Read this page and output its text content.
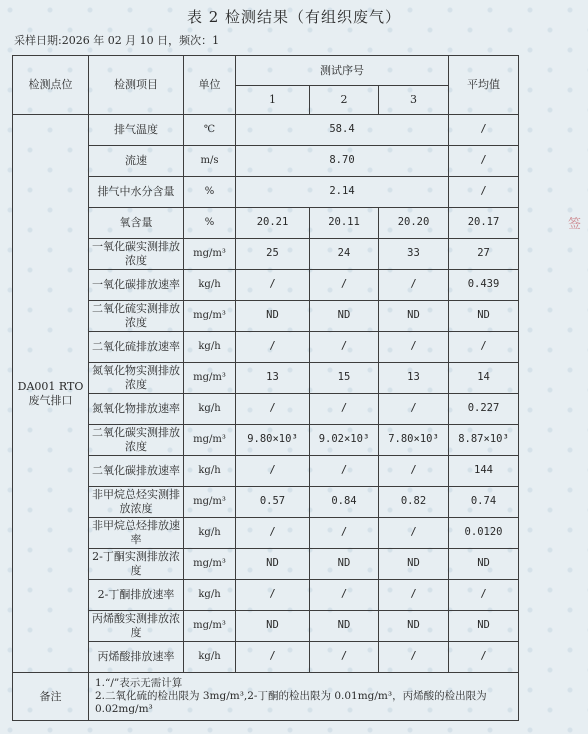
表 2 检测结果（有组织废气）
采样日期:2026 年 02 月 10 日，频次：1
检测点位	检测项目	单位	测试序号			平均值
			1	2	3	
DA001 RTO 废气排口	排气温度	℃	58.4			/
	流速	m/s	8.70			/
	排气中水分含量	%	2.14			/
	氧含量	%	20.21	20.11	20.20	20.17
	一氧化碳实测排放浓度	mg/m³	25	24	33	27
	一氧化碳排放速率	kg/h	/	/	/	0.439
	二氧化硫实测排放浓度	mg/m³	ND	ND	ND	ND
	二氧化硫排放速率	kg/h	/	/	/	/
	氮氧化物实测排放浓度	mg/m³	13	15	13	14
	氮氧化物排放速率	kg/h	/	/	/	0.227
	二氧化碳实测排放浓度	mg/m³	9.80×10³	9.02×10³	7.80×10³	8.87×10³
	二氧化碳排放速率	kg/h	/	/	/	144
	非甲烷总烃实测排放浓度	mg/m³	0.57	0.84	0.82	0.74
	非甲烷总烃排放速率	kg/h	/	/	/	0.0120
	2-丁酮实测排放浓度	mg/m³	ND	ND	ND	ND
	2-丁酮排放速率	kg/h	/	/	/	/
	丙烯酸实测排放浓度	mg/m³	ND	ND	ND	ND
	丙烯酸排放速率	kg/h	/	/	/	/
备注	1.“/”表示无需计算
2.二氧化硫的检出限为 3mg/m³,2-丁酮的检出限为 0.01mg/m³，丙烯酸的检出限为 0.02mg/m³					
签
